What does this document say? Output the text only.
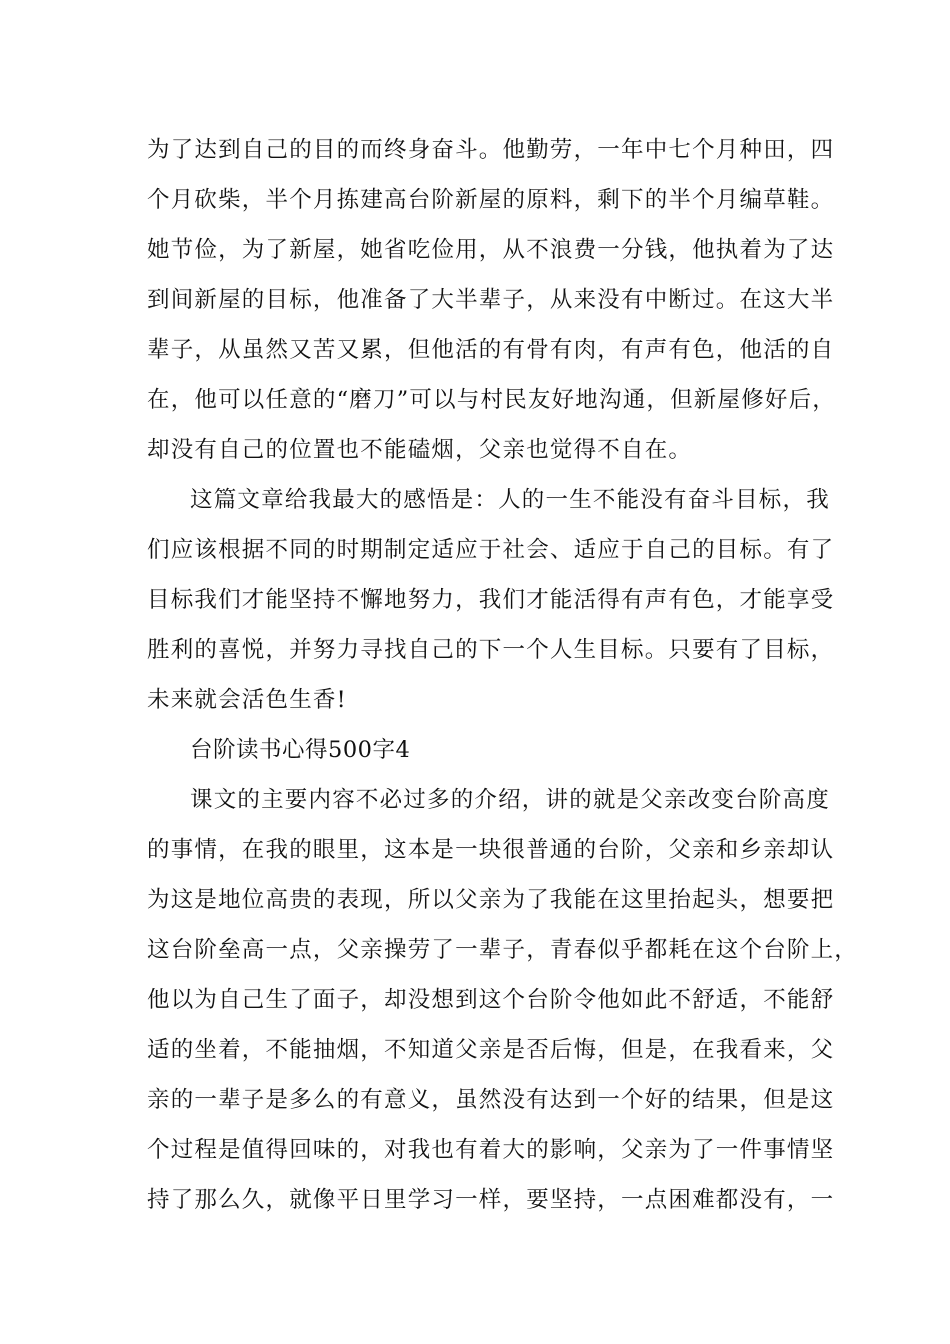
为了达到自己的目的而终身奋斗。他勤劳，一年中七个月种田，四
个月砍柴，半个月拣建高台阶新屋的原料，剩下的半个月编草鞋。
她节俭，为了新屋，她省吃俭用，从不浪费一分钱，他执着为了达
到间新屋的目标，他准备了大半辈子，从来没有中断过。在这大半
辈子，从虽然又苦又累，但他活的有骨有肉，有声有色，他活的自
在，他可以任意的“磨刀”可以与村民友好地沟通，但新屋修好后，
却没有自己的位置也不能磕烟，父亲也觉得不自在。
这篇文章给我最大的感悟是：人的一生不能没有奋斗目标，我
们应该根据不同的时期制定适应于社会、适应于自己的目标。有了
目标我们才能坚持不懈地努力，我们才能活得有声有色，才能享受
胜利的喜悦，并努力寻找自己的下一个人生目标。只要有了目标，
未来就会活色生香!
台阶读书心得500字4
课文的主要内容不必过多的介绍，讲的就是父亲改变台阶高度
的事情，在我的眼里，这本是一块很普通的台阶，父亲和乡亲却认
为这是地位高贵的表现，所以父亲为了我能在这里抬起头，想要把
这台阶垒高一点，父亲操劳了一辈子，青春似乎都耗在这个台阶上，
他以为自己生了面子，却没想到这个台阶令他如此不舒适，不能舒
适的坐着，不能抽烟，不知道父亲是否后悔，但是，在我看来，父
亲的一辈子是多么的有意义，虽然没有达到一个好的结果，但是这
个过程是值得回味的，对我也有着大的影响，父亲为了一件事情坚
持了那么久，就像平日里学习一样，要坚持，一点困难都没有，一
